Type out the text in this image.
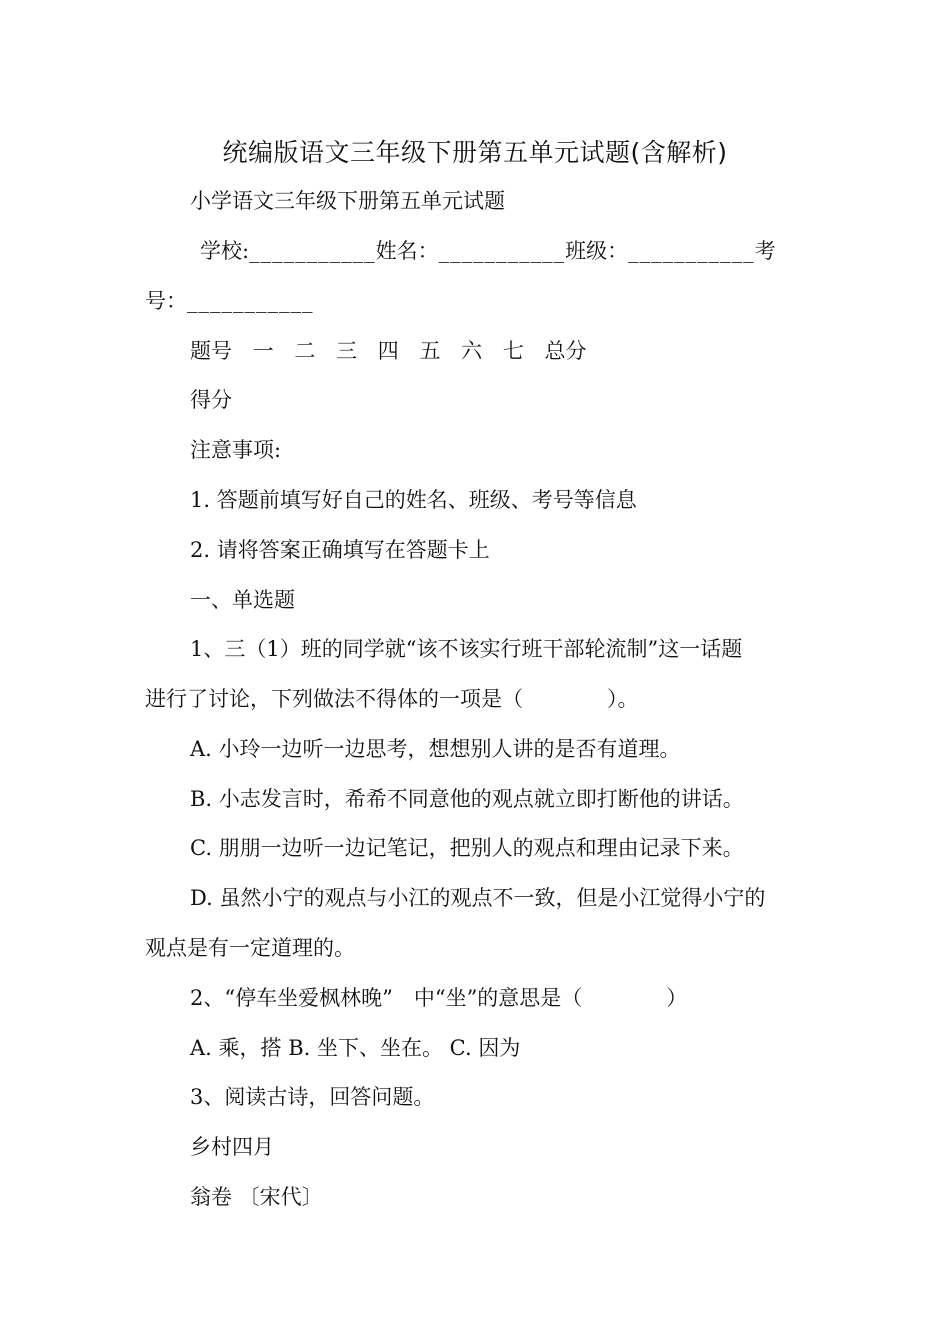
统编版语文三年级下册第五单元试题(含解析)
小学语文三年级下册第五单元试题
学校:___________姓名：___________班级：___________考
号：___________
题号 一 二 三 四 五 六 七 总分
得分
注意事项:
1. 答题前填写好自己的姓名、班级、考号等信息
2. 请将答案正确填写在答题卡上
一、单选题
1、三（1）班的同学就“该不该实行班干部轮流制”这一话题
进行了讨论，下列做法不得体的一项是（　　　　）。
A. 小玲一边听一边思考，想想别人讲的是否有道理。
B. 小志发言时，希希不同意他的观点就立即打断他的讲话。
C. 朋朋一边听一边记笔记，把别人的观点和理由记录下来。
D. 虽然小宁的观点与小江的观点不一致，但是小江觉得小宁的
观点是有一定道理的。
2、“停车坐爱枫林晚”　中“坐”的意思是（　　　　）
A. 乘，搭 B. 坐下、坐在。 C. 因为
3、阅读古诗，回答问题。
乡村四月
翁卷 〔宋代〕
